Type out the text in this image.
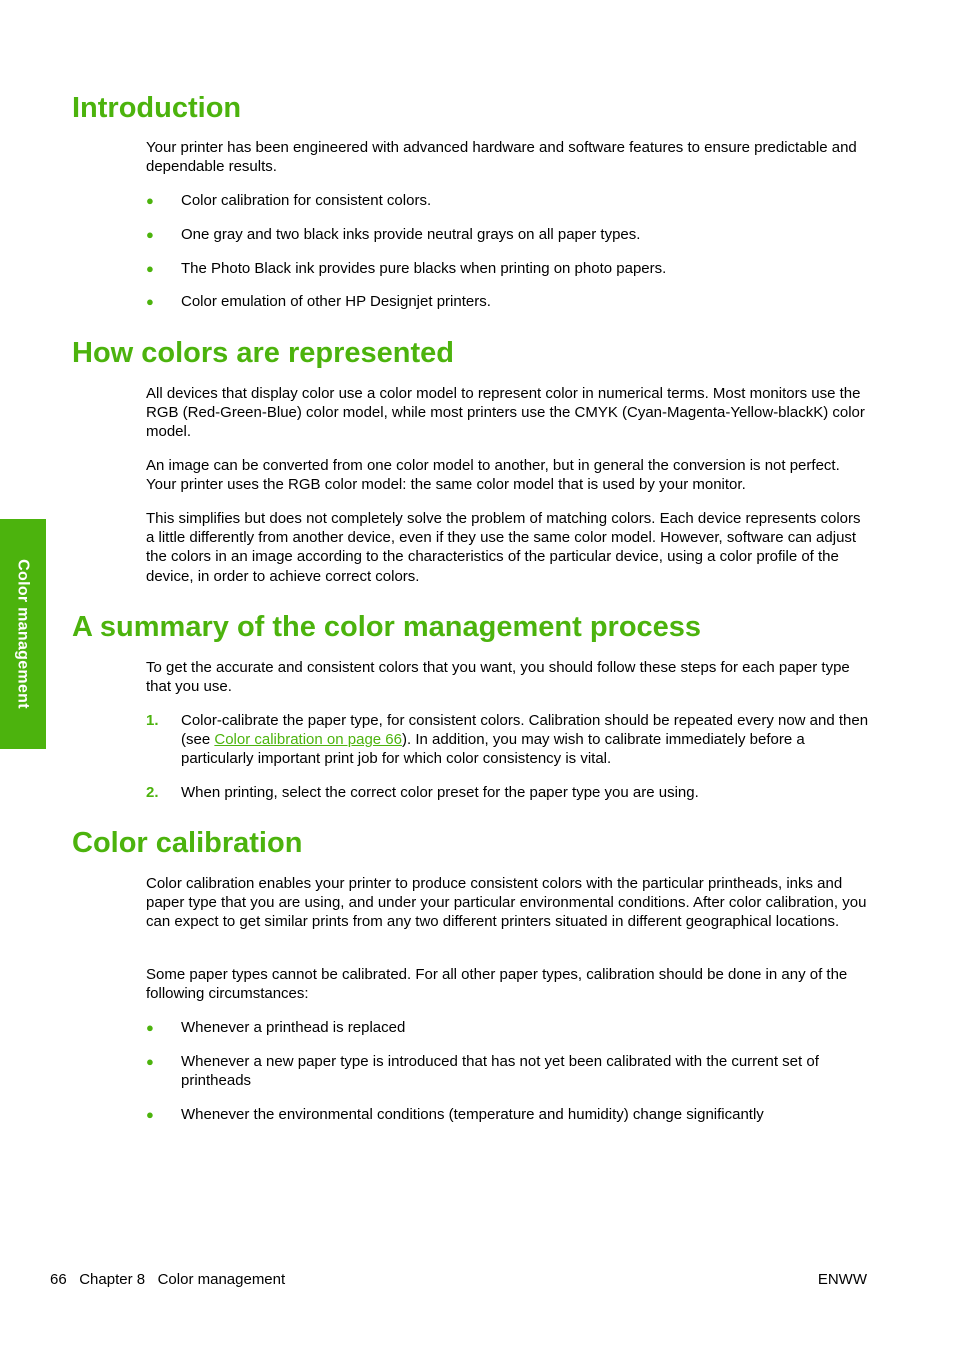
Color management
Introduction

Your printer has been engineered with advanced hardware and software features to ensure predictable and dependable results.

● Color calibration for consistent colors.
● One gray and two black inks provide neutral grays on all paper types.
● The Photo Black ink provides pure blacks when printing on photo papers.
● Color emulation of other HP Designjet printers.
How colors are represented

All devices that display color use a color model to represent color in numerical terms. Most monitors use the RGB (Red-Green-Blue) color model, while most printers use the CMYK (Cyan-Magenta-Yellow-blackK) color model.

An image can be converted from one color model to another, but in general the conversion is not perfect. Your printer uses the RGB color model: the same color model that is used by your monitor.

This simplifies but does not completely solve the problem of matching colors. Each device represents colors a little differently from another device, even if they use the same color model. However, software can adjust the colors in an image according to the characteristics of the particular device, using a color profile of the device, in order to achieve correct colors.

A summary of the color management process

To get the accurate and consistent colors that you want, you should follow these steps for each paper type that you use.

1. Color-calibrate the paper type, for consistent colors. Calibration should be repeated every now and then (see Color calibration on page 66). In addition, you may wish to calibrate immediately before a particularly important print job for which color consistency is vital.
2. When printing, select the correct color preset for the paper type you are using.
Color calibration

Color calibration enables your printer to produce consistent colors with the particular printheads, inks and paper type that you are using, and under your particular environmental conditions. After color calibration, you can expect to get similar prints from any two different printers situated in different geographical locations.

Some paper types cannot be calibrated. For all other paper types, calibration should be done in any of the following circumstances:

● Whenever a printhead is replaced
● Whenever a new paper type is introduced that has not yet been calibrated with the current set of printheads
● Whenever the environmental conditions (temperature and humidity) change significantly
66 Chapter 8 Color management	ENWW
